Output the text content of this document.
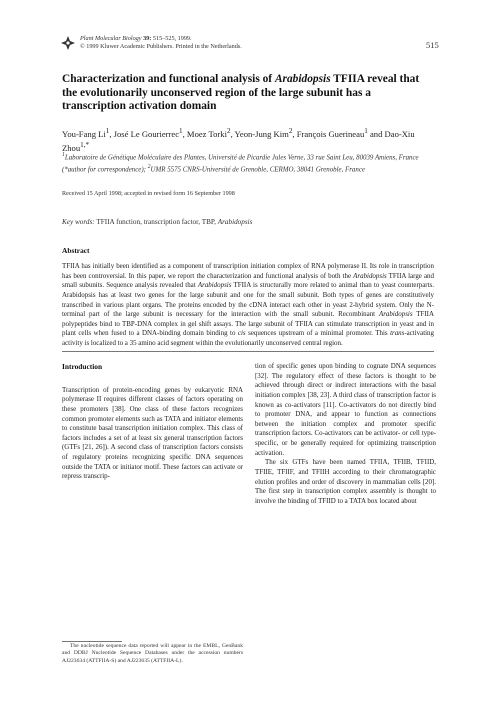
Plant Molecular Biology 39: 515–525, 1999.
© 1999 Kluwer Academic Publishers. Printed in the Netherlands.	515
Characterization and functional analysis of Arabidopsis TFIIA reveal that the evolutionarily unconserved region of the large subunit has a transcription activation domain
You-Fang Li$^1$, José Le Gourierrec$^1$, Moez Torki$^2$, Yeon-Jung Kim$^2$, François Guerineau$^1$ and Dao-Xiu Zhou$^{1,*}$
$^1$Laboratoire de Génétique Moléculaire des Plantes, Université de Picardie Jules Verne, 33 rue Saint Leu, 80039 Amiens, France (*author for correspondence); $^2$UMR 5575 CNRS-Université de Grenoble, CERMO, 38041 Grenoble, France
Received 15 April 1998; accepted in revised form 16 September 1998
Key words: TFIIA function, transcription factor, TBP, Arabidopsis
Abstract

TFIIA has initially been identified as a component of transcription initiation complex of RNA polymerase II. Its role in transcription has been controversial. In this paper, we report the characterization and functional analysis of both the Arabidopsis TFIIA large and small subunits. Sequence analysis revealed that Arabidopsis TFIIA is structurally more related to animal than to yeast counterparts. Arabidopsis has at least two genes for the large subunit and one for the small subunit. Both types of genes are constitutively transcribed in various plant organs. The proteins encoded by the cDNA interact each other in yeast 2-hybrid system. Only the N-terminal part of the large subunit is necessary for the interaction with the small subunit. Recombinant Arabidopsis TFIIA polypeptides bind to TBP-DNA complex in gel shift assays. The large subunit of TFIIA can stimulate transcription in yeast and in plant cells when fused to a DNA-binding domain binding to cis sequences upstream of a minimal promoter. This trans-activating activity is localized to a 35 amino acid segment within the evolutionarily unconserved central region.

Introduction

Transcription of protein-encoding genes by eukaryotic RNA polymerase II requires different classes of factors operating on these promoters [38]. One class of these factors recognizes common promoter elements such as TATA and initiator elements to constitute basal transcription initiation complex. This class of factors includes a set of at least six general transcription factors (GTFs [21, 26]). A second class of transcription factors consists of regulatory proteins recognizing specific DNA sequences outside the TATA or initiator motif. These factors can activate or repress transcrip-

tion of specific genes upon binding to cognate DNA sequences [32]. The regulatory effect of these factors is thought to be achieved through direct or indirect interactions with the basal initiation complex [38, 23]. A third class of transcription factor is known as co-activators [11]. Co-activators do not directly bind to promoter DNA, and appear to function as connections between the initiation complex and promoter specific transcription factors. Co-activators can be activator- or cell type-specific, or be generally required for optimizing transcription activation.

The six GTFs have been named TFIIA, TFIIB, TFIID, TFIIE, TFIIF, and TFIIH according to their chromatographic elution profiles and order of discovery in mammalian cells [20]. The first step in transcription complex assembly is thought to involve the binding of TFIID to a TATA box located about

The nucleotide sequence data reported will appear in the EMBL, GenBank and DDBJ Nucleotide Sequence Databases under the accession numbers AJ223634 (ATTFIIA-S) and AJ223635 (ATTFIIA-L).
